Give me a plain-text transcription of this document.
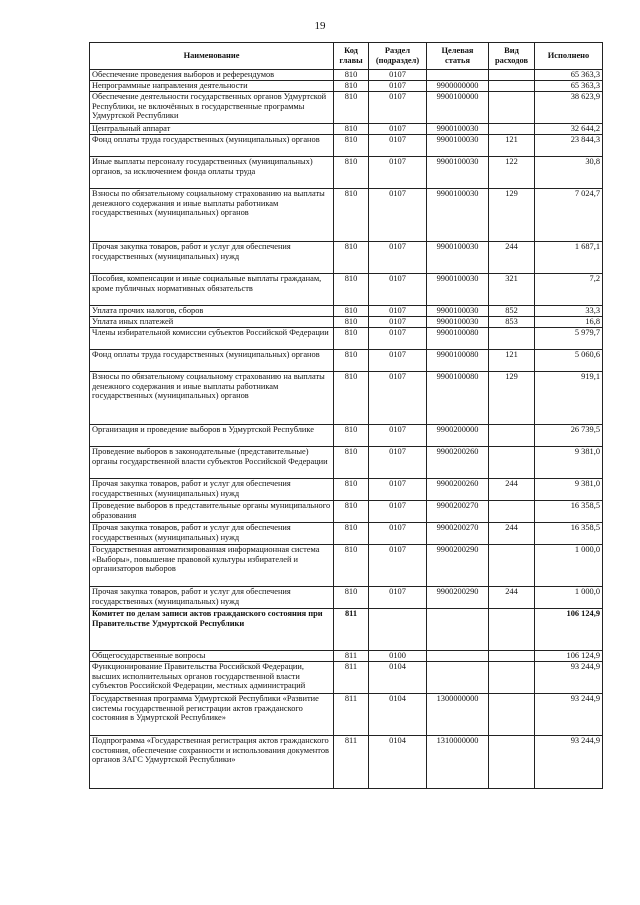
19
Наименование	Код главы	Раздел (подраздел)	Целевая статья	Вид расходов	Исполнено
Обеспечение проведения выборов и референдумов	810	0107			65 363,3
Непрограммные направления деятельности	810	0107	9900000000		65 363,3
Обеспечение деятельности государственных органов Удмуртской Республики, не включённых в государственные программы Удмуртской Республики	810	0107	9900100000		38 623,9
Центральный аппарат	810	0107	9900100030		32 644,2
Фонд оплаты труда государственных (муниципальных) органов	810	0107	9900100030	121	23 844,3
Иные выплаты персоналу государственных (муниципальных) органов, за исключением фонда оплаты труда	810	0107	9900100030	122	30,8
Взносы по обязательному социальному страхованию на выплаты денежного содержания и иные выплаты работникам государственных (муниципальных) органов	810	0107	9900100030	129	7 024,7
Прочая закупка товаров, работ и услуг для обеспечения государственных (муниципальных) нужд	810	0107	9900100030	244	1 687,1
Пособия, компенсации и иные социальные выплаты гражданам, кроме публичных нормативных обязательств	810	0107	9900100030	321	7,2
Уплата прочих налогов, сборов	810	0107	9900100030	852	33,3
Уплата иных платежей	810	0107	9900100030	853	16,8
Члены избирательной комиссии субъектов Российской Федерации	810	0107	9900100080		5 979,7
Фонд оплаты труда государственных (муниципальных) органов	810	0107	9900100080	121	5 060,6
Взносы по обязательному социальному страхованию на выплаты денежного содержания и иные выплаты работникам государственных (муниципальных) органов	810	0107	9900100080	129	919,1
Организация и проведение выборов в Удмуртской Республике	810	0107	9900200000		26 739,5
Проведение выборов в законодательные (представительные) органы государственной власти субъектов Российской Федерации	810	0107	9900200260		9 381,0
Прочая закупка товаров, работ и услуг для обеспечения государственных (муниципальных) нужд	810	0107	9900200260	244	9 381,0
Проведение выборов в представительные органы муниципального образования	810	0107	9900200270		16 358,5
Прочая закупка товаров, работ и услуг для обеспечения государственных (муниципальных) нужд	810	0107	9900200270	244	16 358,5
Государственная автоматизированная информационная система «Выборы», повышение правовой культуры избирателей и организаторов выборов	810	0107	9900200290		1 000,0
Прочая закупка товаров, работ и услуг для обеспечения государственных (муниципальных) нужд	810	0107	9900200290	244	1 000,0
Комитет по делам записи актов гражданского состояния при Правительстве Удмуртской Республики	811				106 124,9
Общегосударственные вопросы	811	0100			106 124,9
Функционирование Правительства Российской Федерации, высших исполнительных органов государственной власти субъектов Российской Федерации, местных администраций	811	0104			93 244,9
Государственная программа Удмуртской Республики «Развитие системы государственной регистрации актов гражданского состояния в Удмуртской Республике»	811	0104	1300000000		93 244,9
Подпрограмма «Государственная регистрация актов гражданского состояния, обеспечение сохранности и использования документов органов ЗАГС Удмуртской Республики»	811	0104	1310000000		93 244,9
